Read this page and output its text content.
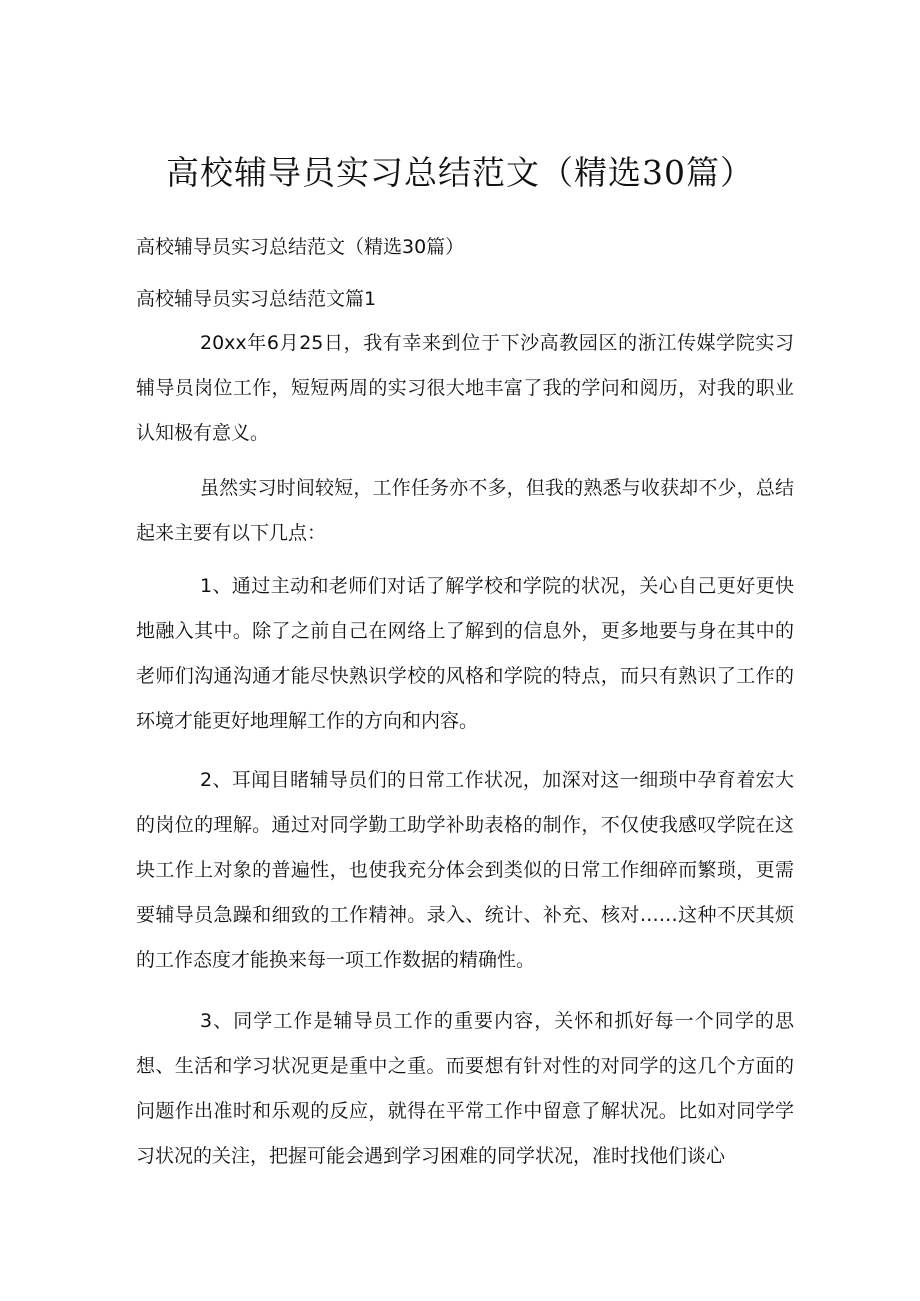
高校辅导员实习总结范文（精选30篇）

高校辅导员实习总结范文（精选30篇）

高校辅导员实习总结范文篇1

20xx年6月25日，我有幸来到位于下沙高教园区的浙江传媒学院实习辅导员岗位工作，短短两周的实习很大地丰富了我的学问和阅历，对我的职业认知极有意义。

虽然实习时间较短，工作任务亦不多，但我的熟悉与收获却不少，总结起来主要有以下几点：

1、通过主动和老师们对话了解学校和学院的状况，关心自己更好更快地融入其中。除了之前自己在网络上了解到的信息外，更多地要与身在其中的老师们沟通沟通才能尽快熟识学校的风格和学院的特点，而只有熟识了工作的环境才能更好地理解工作的方向和内容。

2、耳闻目睹辅导员们的日常工作状况，加深对这一细琐中孕育着宏大的岗位的理解。通过对同学勤工助学补助表格的制作，不仅使我感叹学院在这块工作上对象的普遍性，也使我充分体会到类似的日常工作细碎而繁琐，更需要辅导员急躁和细致的工作精神。录入、统计、补充、核对……这种不厌其烦的工作态度才能换来每一项工作数据的精确性。

3、同学工作是辅导员工作的重要内容，关怀和抓好每一个同学的思想、生活和学习状况更是重中之重。而要想有针对性的对同学的这几个方面的问题作出准时和乐观的反应，就得在平常工作中留意了解状况。比如对同学学习状况的关注，把握可能会遇到学习困难的同学状况，准时找他们谈心
